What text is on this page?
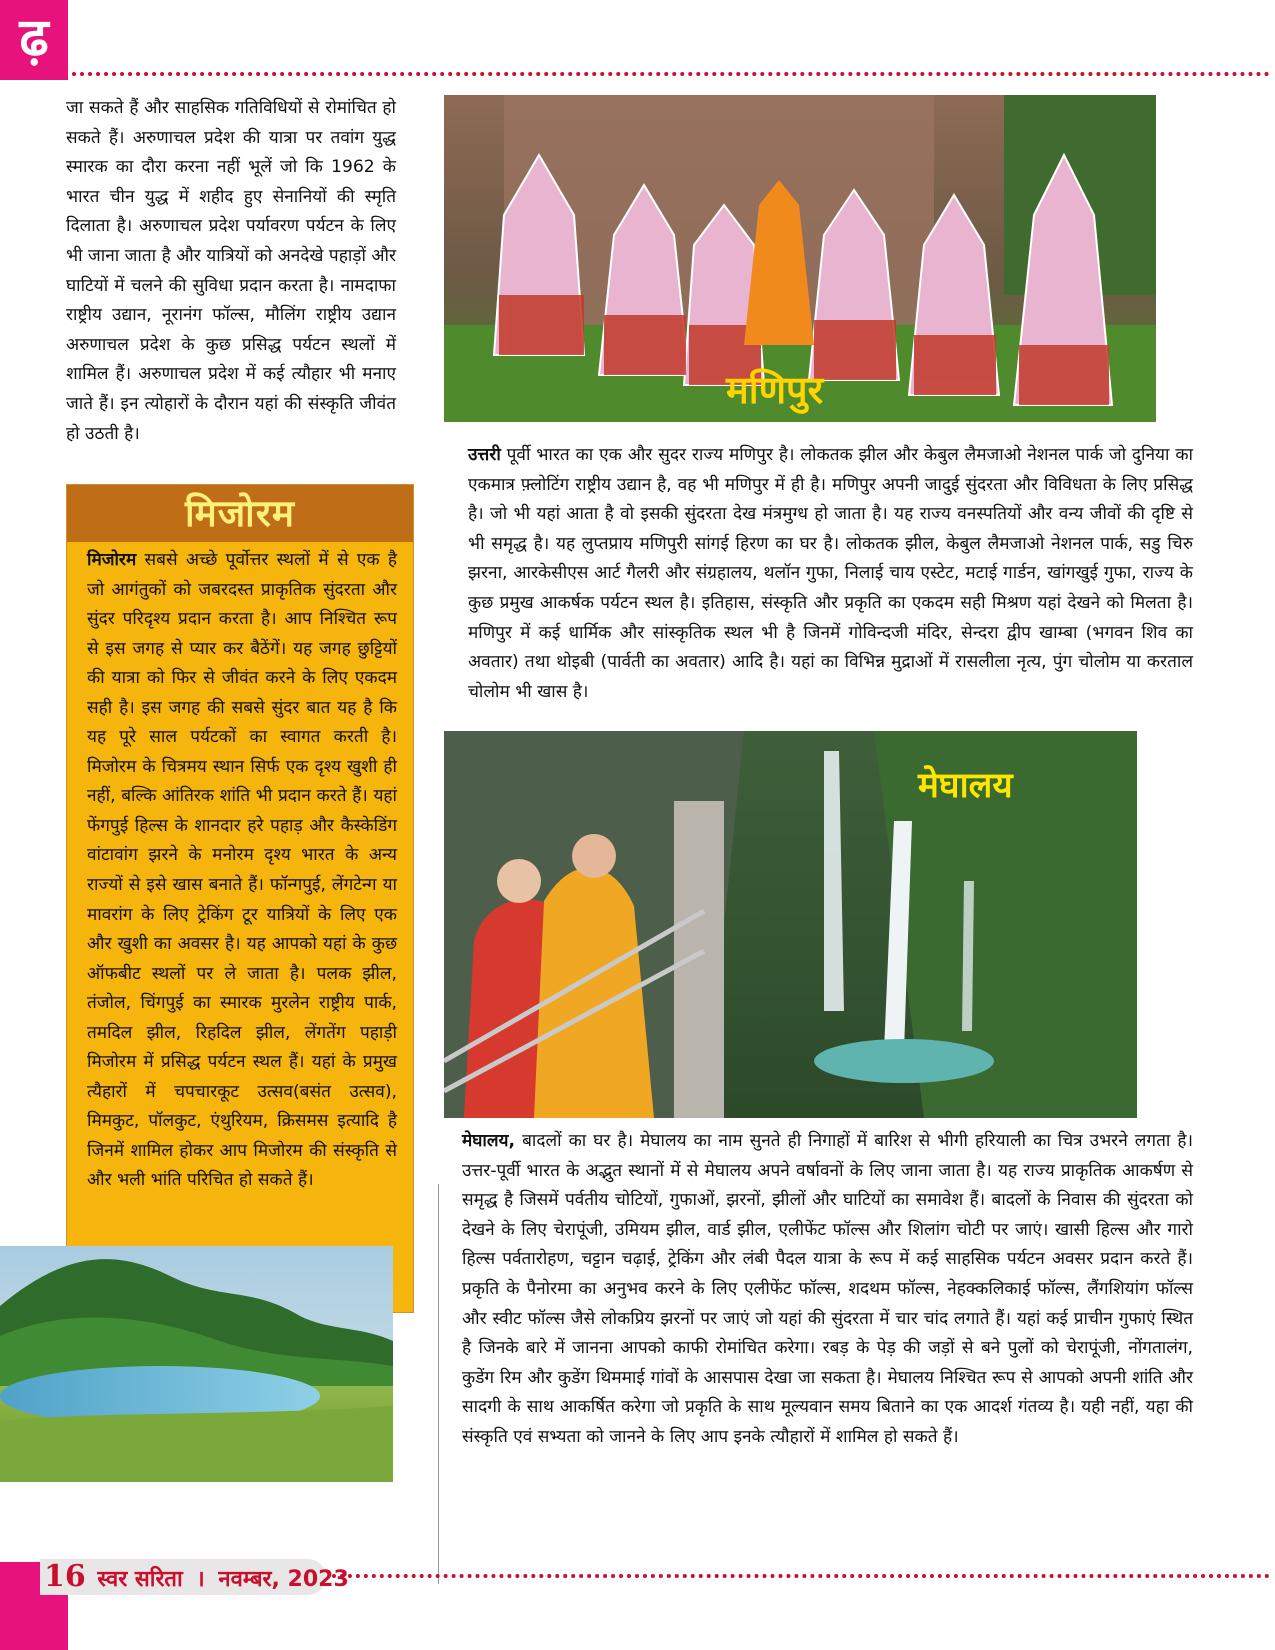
ढ़

जा सकते हैं और साहसिक गतिविधियों से रोमांचित हो सकते हैं। अरुणाचल प्रदेश की यात्रा पर तवांग युद्ध स्मारक का दौरा करना नहीं भूलें जो कि 1962 के भारत चीन युद्ध में शहीद हुए सेनानियों की स्मृति दिलाता है। अरुणाचल प्रदेश पर्यावरण पर्यटन के लिए भी जाना जाता है और यात्रियों को अनदेखे पहाड़ों और घाटियों में चलने की सुविधा प्रदान करता है। नामदाफा राष्ट्रीय उद्यान, नूरानंग फॉल्स, मौलिंग राष्ट्रीय उद्यान अरुणाचल प्रदेश के कुछ प्रसिद्ध पर्यटन स्थलों में शामिल हैं। अरुणाचल प्रदेश में कई त्यौहार भी मनाए जाते हैं। इन त्योहारों के दौरान यहां की संस्कृति जीवंत हो उठती है।

मिजोरम

मिजोरम सबसे अच्छे पूर्वोत्तर स्थलों में से एक है जो आगंतुकों को जबरदस्त प्राकृतिक सुंदरता और सुंदर परिदृश्य प्रदान करता है। आप निश्चित रूप से इस जगह से प्यार कर बैठेंगें। यह जगह छुट्टियों की यात्रा को फिर से जीवंत करने के लिए एकदम सही है। इस जगह की सबसे सुंदर बात यह है कि यह पूरे साल पर्यटकों का स्वागत करती है। मिजोरम के चित्रमय स्थान सिर्फ एक दृश्य खुशी ही नहीं, बल्कि आंतिरक शांति भी प्रदान करते हैं। यहां फेंगपुई हिल्स के शानदार हरे पहाड़ और कैस्केडिंग वांटावांग झरने के मनोरम दृश्य भारत के अन्य राज्यों से इसे खास बनाते हैं। फॉन्गपुई, लेंगटेन्ग या मावरांग के लिए ट्रेकिंग टूर यात्रियों के लिए एक और खुशी का अवसर है। यह आपको यहां के कुछ ऑफबीट स्थलों पर ले जाता है। पलक झील, तंजोल, चिंगपुई का स्मारक मुरलेन राष्ट्रीय पार्क, तमदिल झील, रिहदिल झील, लेंगतेंग पहाड़ी मिजोरम में प्रसिद्ध पर्यटन स्थल हैं। यहां के प्रमुख त्यैहारों में चपचारकूट उत्सव(बसंत उत्सव), मिमकुट, पॉलकुट, एंथुरियम, क्रिसमस इत्यादि है जिनमें शामिल होकर आप मिजोरम की संस्कृति से और भली भांति परिचित हो सकते हैं।

मणिपुर

उत्तरी पूर्वी भारत का एक और सुदर राज्य मणिपुर है। लोकतक झील और केबुल लैमजाओ नेशनल पार्क जो दुनिया का एकमात्र फ़्लोटिंग राष्ट्रीय उद्यान है, वह भी मणिपुर में ही है। मणिपुर अपनी जादुई सुंदरता और विविधता के लिए प्रसिद्ध है। जो भी यहां आता है वो इसकी सुंदरता देख मंत्रमुग्ध हो जाता है। यह राज्य वनस्पतियों और वन्य जीवों की दृष्टि से भी समृद्ध है। यह लुप्तप्राय मणिपुरी सांगई हिरण का घर है। लोकतक झील, केबुल लैमजाओ नेशनल पार्क, सडु चिरु झरना, आरकेसीएस आर्ट गैलरी और संग्रहालय, थलॉन गुफा, निलाई चाय एस्टेट, मटाई गार्डन, खांगखुई गुफा, राज्य के कुछ प्रमुख आकर्षक पर्यटन स्थल है। इतिहास, संस्कृति और प्रकृति का एकदम सही मिश्रण यहां देखने को मिलता है। मणिपुर में कई धार्मिक और सांस्कृतिक स्थल भी है जिनमें गोविन्दजी मंदिर, सेन्दरा द्वीप खाम्बा (भगवन शिव का अवतार) तथा थोइबी (पार्वती का अवतार) आदि है। यहां का विभिन्न मुद्राओं में रासलीला नृत्य, पुंग चोलोम या करताल चोलोम भी खास है।

मेघालय

मेघालय, बादलों का घर है। मेघालय का नाम सुनते ही निगाहों में बारिश से भीगी हरियाली का चित्र उभरने लगता है। उत्तर-पूर्वी भारत के अद्भुत स्थानों में से मेघालय अपने वर्षावनों के लिए जाना जाता है। यह राज्य प्राकृतिक आकर्षण से समृद्ध है जिसमें पर्वतीय चोटियों, गुफाओं, झरनों, झीलों और घाटियों का समावेश हैं। बादलों के निवास की सुंदरता को देखने के लिए चेरापूंजी, उमियम झील, वार्ड झील, एलीफेंट फॉल्स और शिलांग चोटी पर जाएं। खासी हिल्स और गारो हिल्स पर्वतारोहण, चट्टान चढ़ाई, ट्रेकिंग और लंबी पैदल यात्रा के रूप में कई साहसिक पर्यटन अवसर प्रदान करते हैं। प्रकृति के पैनोरमा का अनुभव करने के लिए एलीफेंट फॉल्स, शदथम फॉल्स, नेहक्कलिकाई फॉल्स, लैंगशियांग फॉल्स और स्वीट फॉल्स जैसे लोकप्रिय झरनों पर जाएं जो यहां की सुंदरता में चार चांद लगाते हैं। यहां कई प्राचीन गुफाएं स्थित है जिनके बारे में जानना आपको काफी रोमांचित करेगा। रबड़ के पेड़ की जड़ों से बने पुलों को चेरापूंजी, नोंगतालंग, कुडेंग रिम और कुडेंग थिममाई गांवों के आसपास देखा जा सकता है। मेघालय निश्चित रूप से आपको अपनी शांति और सादगी के साथ आकर्षित करेगा जो प्रकृति के साथ मूल्यवान समय बिताने का एक आदर्श गंतव्य है। यही नहीं, यहा की संस्कृति एवं सभ्यता को जानने के लिए आप इनके त्यौहारों में शामिल हो सकते हैं।

16 स्वर सरिता । नवम्बर, 2023
